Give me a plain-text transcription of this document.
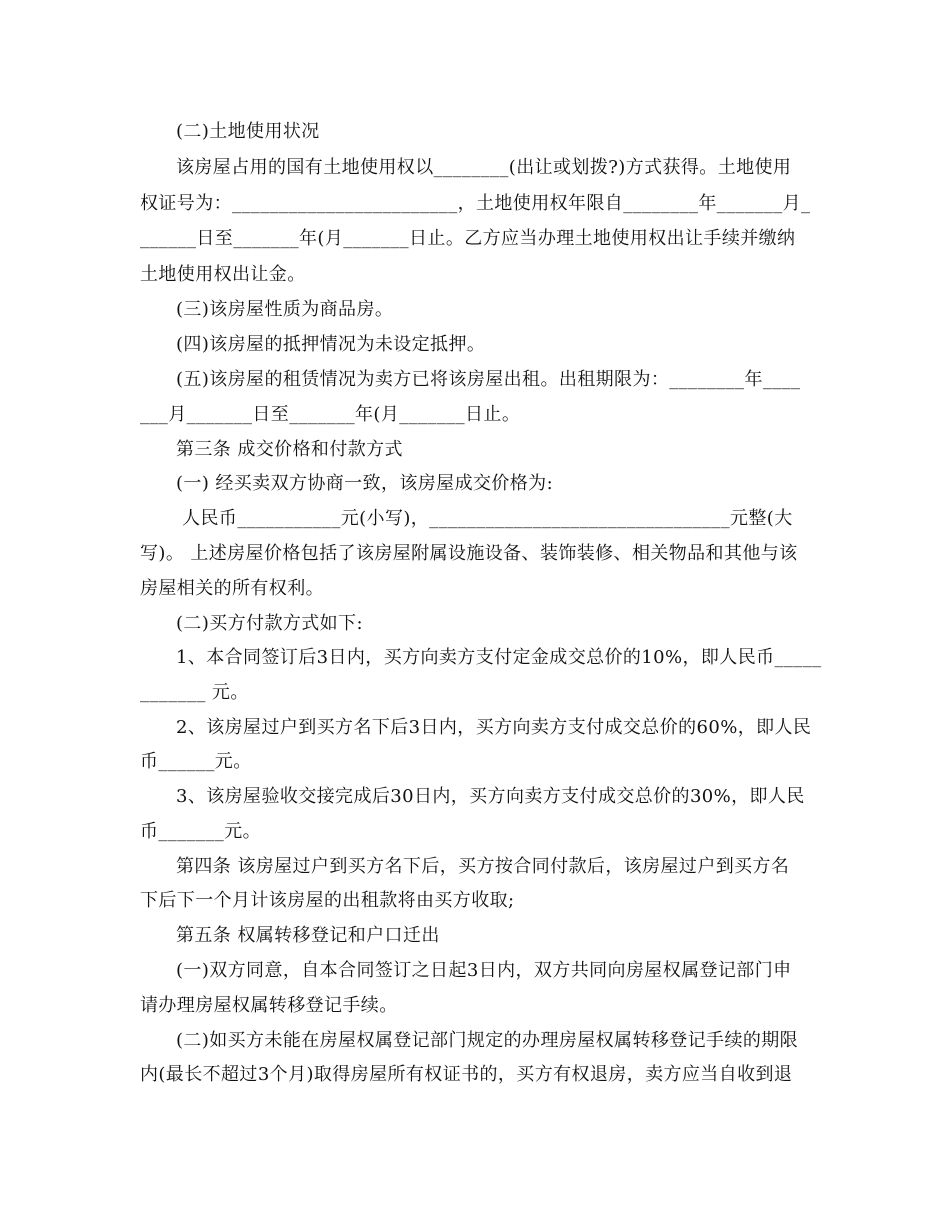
(二)土地使用状况
该房屋占用的国有土地使用权以________(出让或划拨?)方式获得。土地使用
权证号为：________________________，土地使用权年限自________年_______月_
______日至_______年(月_______日止。乙方应当办理土地使用权出让手续并缴纳
土地使用权出让金。
(三)该房屋性质为商品房。
(四)该房屋的抵押情况为未设定抵押。
(五)该房屋的租赁情况为卖方已将该房屋出租。出租期限为：________年____
___月_______日至_______年(月_______日止。
第三条 成交价格和付款方式
(一) 经买卖双方协商一致，该房屋成交价格为:
人民币___________元(小写)，________________________________元整(大
写)。 上述房屋价格包括了该房屋附属设施设备、装饰装修、相关物品和其他与该
房屋相关的所有权利。
(二)买方付款方式如下:
1、本合同签订后3日内，买方向卖方支付定金成交总价的10%，即人民币_____
_______ 元。
2、该房屋过户到买方名下后3日内，买方向卖方支付成交总价的60%，即人民
币______元。
3、该房屋验收交接完成后30日内，买方向卖方支付成交总价的30%，即人民
币_______元。
第四条 该房屋过户到买方名下后，买方按合同付款后，该房屋过户到买方名
下后下一个月计该房屋的出租款将由买方收取;
第五条 权属转移登记和户口迁出
(一)双方同意，自本合同签订之日起3日内，双方共同向房屋权属登记部门申
请办理房屋权属转移登记手续。
(二)如买方未能在房屋权属登记部门规定的办理房屋权属转移登记手续的期限
内(最长不超过3个月)取得房屋所有权证书的，买方有权退房，卖方应当自收到退
